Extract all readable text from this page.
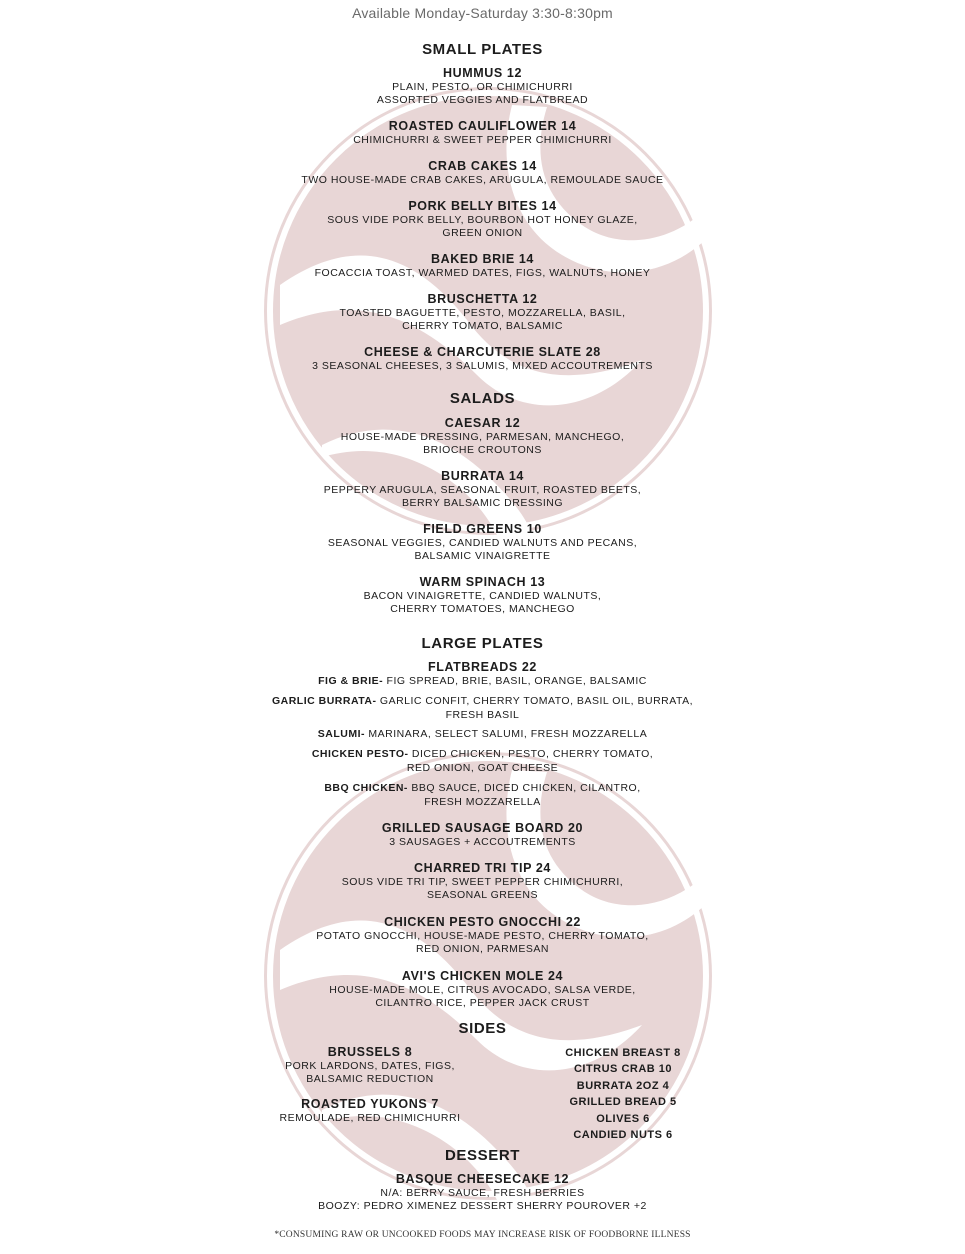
Available Monday-Saturday 3:30-8:30pm
SMALL PLATES
HUMMUS 12
PLAIN, PESTO, OR CHIMICHURRI
ASSORTED VEGGIES AND FLATBREAD
ROASTED CAULIFLOWER 14
CHIMICHURRI & SWEET PEPPER CHIMICHURRI
CRAB CAKES 14
TWO HOUSE-MADE CRAB CAKES, ARUGULA, REMOULADE SAUCE
PORK BELLY BITES 14
SOUS VIDE PORK BELLY, BOURBON HOT HONEY GLAZE,
GREEN ONION
BAKED BRIE 14
FOCACCIA TOAST, WARMED DATES, FIGS, WALNUTS, HONEY
BRUSCHETTA 12
TOASTED BAGUETTE, PESTO, MOZZARELLA, BASIL,
CHERRY TOMATO, BALSAMIC
CHEESE & CHARCUTERIE SLATE 28
3 SEASONAL CHEESES, 3 SALUMIS, MIXED ACCOUTREMENTS
SALADS
CAESAR 12
HOUSE-MADE DRESSING, PARMESAN, MANCHEGO,
BRIOCHE CROUTONS
BURRATA 14
PEPPERY ARUGULA, SEASONAL FRUIT, ROASTED BEETS,
BERRY BALSAMIC DRESSING
FIELD GREENS 10
SEASONAL VEGGIES, CANDIED WALNUTS AND PECANS,
BALSAMIC VINAIGRETTE
WARM SPINACH 13
BACON VINAIGRETTE, CANDIED WALNUTS,
CHERRY TOMATOES, MANCHEGO
LARGE PLATES
FLATBREADS 22
FIG & BRIE- FIG SPREAD, BRIE, BASIL, ORANGE, BALSAMIC
GARLIC BURRATA- GARLIC CONFIT, CHERRY TOMATO, BASIL OIL, BURRATA,
FRESH BASIL
SALUMI- MARINARA, SELECT SALUMI, FRESH MOZZARELLA
CHICKEN PESTO- DICED CHICKEN, PESTO, CHERRY TOMATO,
RED ONION, GOAT CHEESE
BBQ CHICKEN- BBQ SAUCE, DICED CHICKEN, CILANTRO,
FRESH MOZZARELLA
GRILLED SAUSAGE BOARD 20
3 SAUSAGES + ACCOUTREMENTS
CHARRED TRI TIP 24
SOUS VIDE TRI TIP, SWEET PEPPER CHIMICHURRI,
SEASONAL GREENS
CHICKEN PESTO GNOCCHI 22
POTATO GNOCCHI, HOUSE-MADE PESTO, CHERRY TOMATO,
RED ONION, PARMESAN
AVI'S CHICKEN MOLE 24
HOUSE-MADE MOLE, CITRUS AVOCADO, SALSA VERDE,
CILANTRO RICE, PEPPER JACK CRUST
SIDES
BRUSSELS 8
PORK LARDONS, DATES, FIGS,
BALSAMIC REDUCTION
ROASTED YUKONS 7
REMOULADE, RED CHIMICHURRI
CHICKEN BREAST 8
CITRUS CRAB 10
BURRATA 2OZ 4
GRILLED BREAD 5
OLIVES 6
CANDIED NUTS 6
DESSERT
BASQUE CHEESECAKE 12
N/A: BERRY SAUCE, FRESH BERRIES
BOOZY: PEDRO XIMENEZ DESSERT SHERRY POUROVER +2
*CONSUMING RAW OR UNCOOKED FOODS MAY INCREASE RISK OF FOODBORNE ILLNESS
